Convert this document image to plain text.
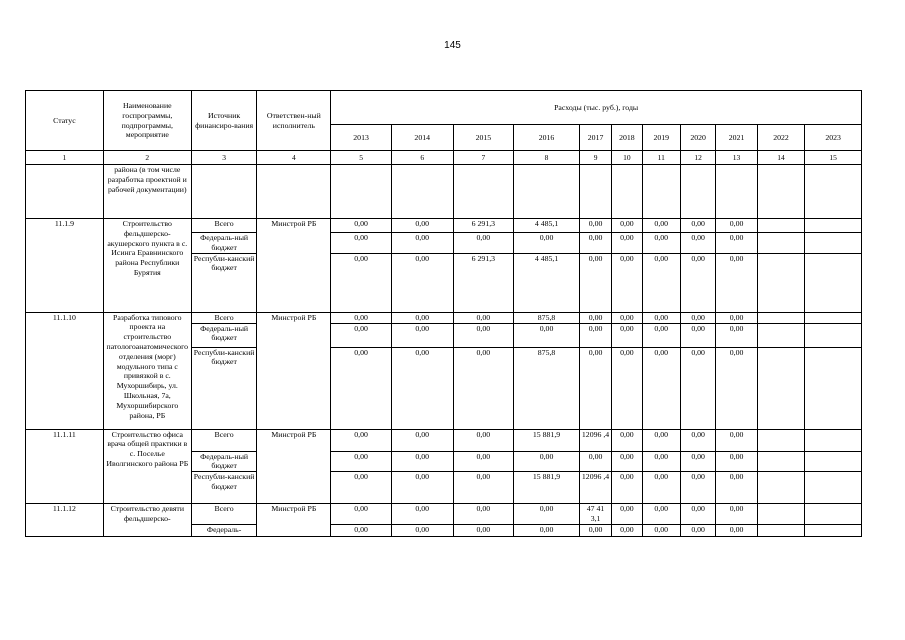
145
Статус	Наименование госпрограммы, подпрограммы, мероприятие	Источник финансиро-вания	Ответствен-ный исполнитель	Расходы (тыс. руб.), годы										
				2013	2014	2015	2016	2017	2018	2019	2020	2021	2022	2023
1	2	3	4	5	6	7	8	9	10	11	12	13	14	15
	района (в том числе разработка проектной и рабочей документации)													
11.1.9	Строительство фельдшерско-акушерского пункта в с. Исинга Еравнинского района Республики Бурятия	Всего	Минстрой РБ	0,00	0,00	6 291,3	4 485,1	0,00	0,00	0,00	0,00	0,00		
		Федераль-ный бюджет		0,00	0,00	0,00	0,00	0,00	0,00	0,00	0,00	0,00		
		Республи-канский бюджет		0,00	0,00	6 291,3	4 485,1	0,00	0,00	0,00	0,00	0,00		
11.1.10	Разработка типового проекта на строительство патологоанатомического отделения (морг) модульного типа с привязкой в с. Мухоршибирь, ул. Школьная, 7а, Мухоршибирского района, РБ	Всего	Минстрой РБ	0,00	0,00	0,00	875,8	0,00	0,00	0,00	0,00	0,00		
		Федераль-ный бюджет		0,00	0,00	0,00	0,00	0,00	0,00	0,00	0,00	0,00		
		Республи-канский бюджет		0,00	0,00	0,00	875,8	0,00	0,00	0,00	0,00	0,00		
11.1.11	Строительство офиса врача общей практики в с. Поселье Иволгинского района РБ	Всего	Минстрой РБ	0,00	0,00	0,00	15 881,9	12096 ,4	0,00	0,00	0,00	0,00		
		Федераль-ный бюджет		0,00	0,00	0,00	0,00	0,00	0,00	0,00	0,00	0,00		
		Республи-канский бюджет		0,00	0,00	0,00	15 881,9	12096 ,4	0,00	0,00	0,00	0,00		
11.1.12	Строительство девяти фельдшерско-	Всего	Минстрой РБ	0,00	0,00	0,00	0,00	47 41 3,1	0,00	0,00	0,00	0,00		
		Федераль-		0,00	0,00	0,00	0,00	0,00	0,00	0,00	0,00	0,00		
